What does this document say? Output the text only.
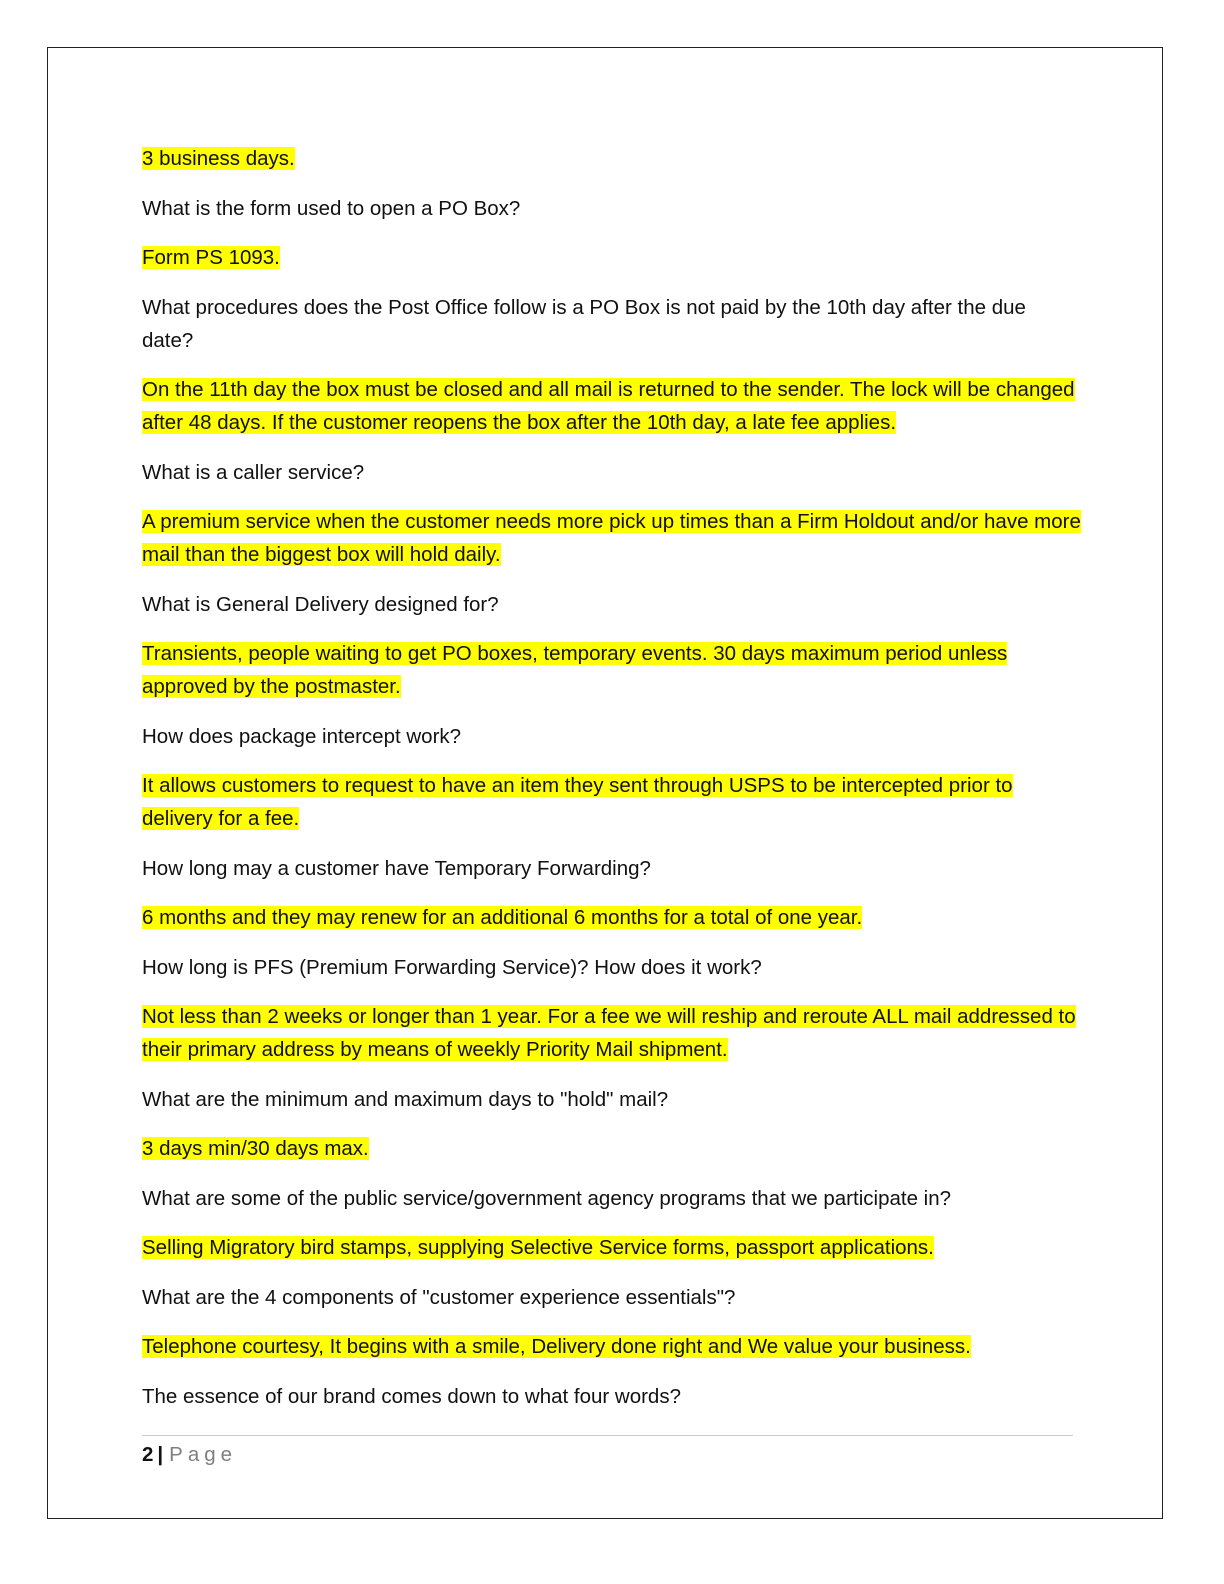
3 business days.

What is the form used to open a PO Box?

Form PS 1093.

What procedures does the Post Office follow is a PO Box is not paid by the 10th day after the due date?

On the 11th day the box must be closed and all mail is returned to the sender. The lock will be changed after 48 days. If the customer reopens the box after the 10th day, a late fee applies.

What is a caller service?

A premium service when the customer needs more pick up times than a Firm Holdout and/or have more mail than the biggest box will hold daily.

What is General Delivery designed for?

Transients, people waiting to get PO boxes, temporary events. 30 days maximum period unless approved by the postmaster.

How does package intercept work?

It allows customers to request to have an item they sent through USPS to be intercepted prior to delivery for a fee.

How long may a customer have Temporary Forwarding?

6 months and they may renew for an additional 6 months for a total of one year.

How long is PFS (Premium Forwarding Service)? How does it work?

Not less than 2 weeks or longer than 1 year. For a fee we will reship and reroute ALL mail addressed to their primary address by means of weekly Priority Mail shipment.

What are the minimum and maximum days to "hold" mail?

3 days min/30 days max.

What are some of the public service/government agency programs that we participate in?

Selling Migratory bird stamps, supplying Selective Service forms, passport applications.

What are the 4 components of "customer experience essentials"?

Telephone courtesy, It begins with a smile, Delivery done right and We value your business.

The essence of our brand comes down to what four words?

2 | Page
